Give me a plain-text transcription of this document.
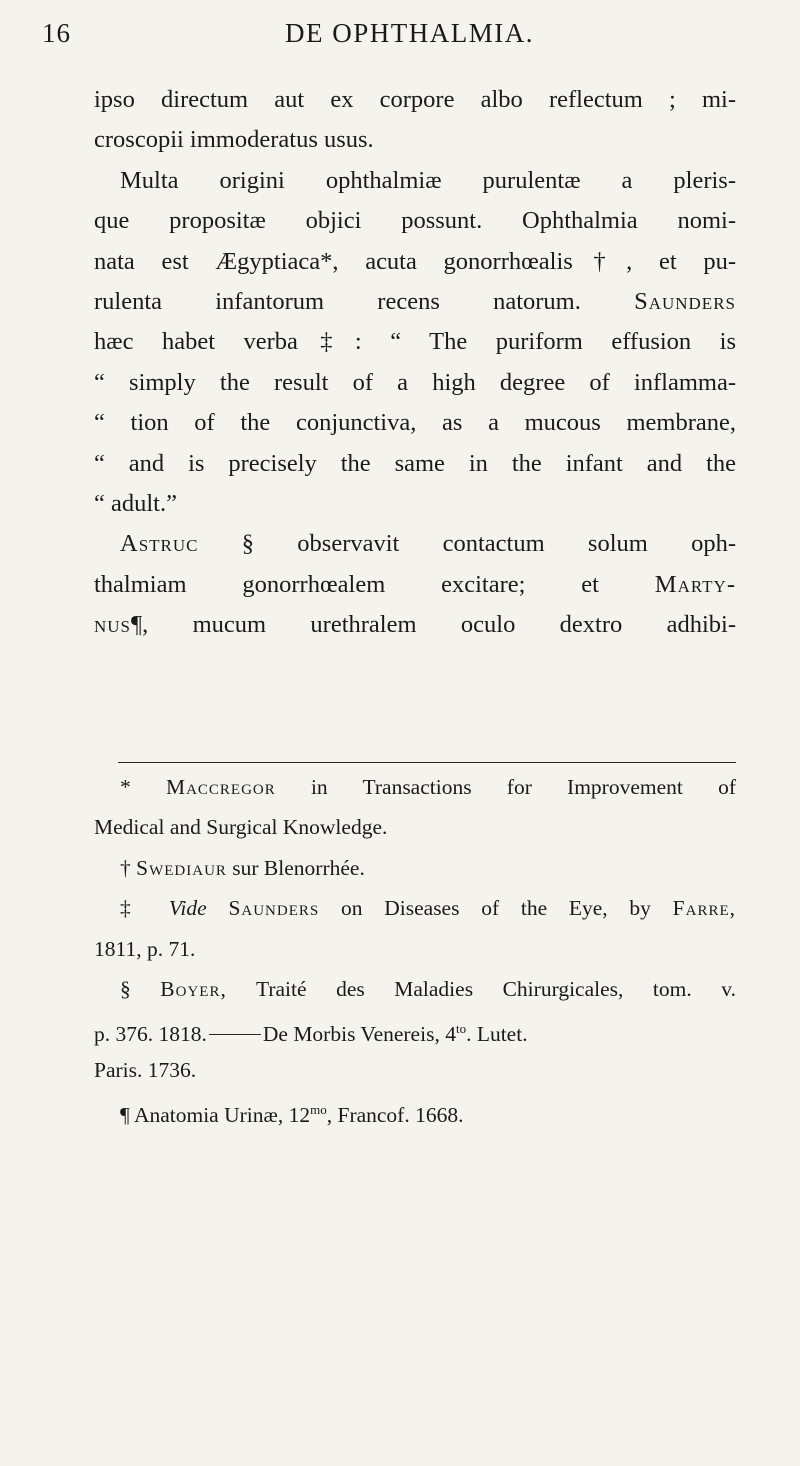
16	DE OPHTHALMIA.
ipso directum aut ex corpore albo reflectum ; mi-
croscopii immoderatus usus.
Multa origini ophthalmiæ purulentæ a pleris-
que propositæ objici possunt. Ophthalmia nomi-
nata est Ægyptiaca*, acuta gonorrhœalis†, et pu-
rulenta infantorum recens natorum. Saunders
hæc habet verba‡: “ The puriform effusion is
“ simply the result of a high degree of inflamma-
“ tion of the conjunctiva, as a mucous membrane,
“ and is precisely the same in the infant and the
“ adult.”
Astruc § observavit contactum solum oph-
thalmiam gonorrhœalem excitare; et Marty-
nus¶, mucum urethralem oculo dextro adhibi-
* Maccregor in Transactions for Improvement of
Medical and Surgical Knowledge.
† Swediaur sur Blenorrhée.
‡ Vide Saunders on Diseases of the Eye, by Farre,
1811, p. 71.
§ Boyer, Traité des Maladies Chirurgicales, tom. v.
p. 376. 1818.	De Morbis Venereis, $4^{to}$. Lutet.
Paris. 1736.
¶ Anatomia Urinæ, $12^{mo}$, Francof. 1668.
